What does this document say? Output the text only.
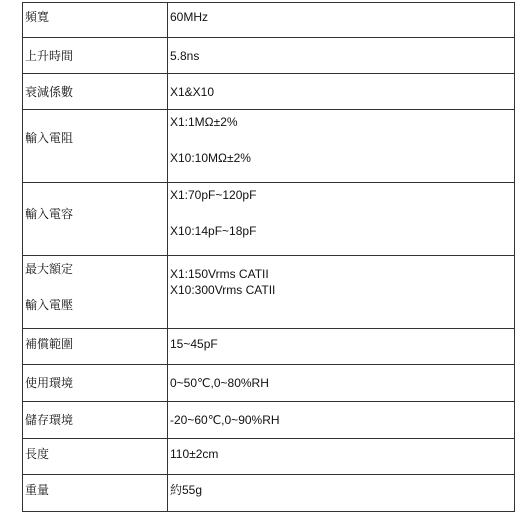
頻寬	60MHz
上升時間	5.8ns
衰減係數	X1&X10
輸入電阻	X1:1MΩ±2%
X10:10MΩ±2%

輸入電容	X1:70pF~120pF
X10:14pF~18pF

最大額定
輸入電壓	X1:150Vrms CATII
X10:300Vrms CATII

補償範圍	15~45pF
使用環境	0~50℃,0~80%RH
儲存環境	-20~60℃,0~90%RH
長度	110±2cm
重量	約55g
